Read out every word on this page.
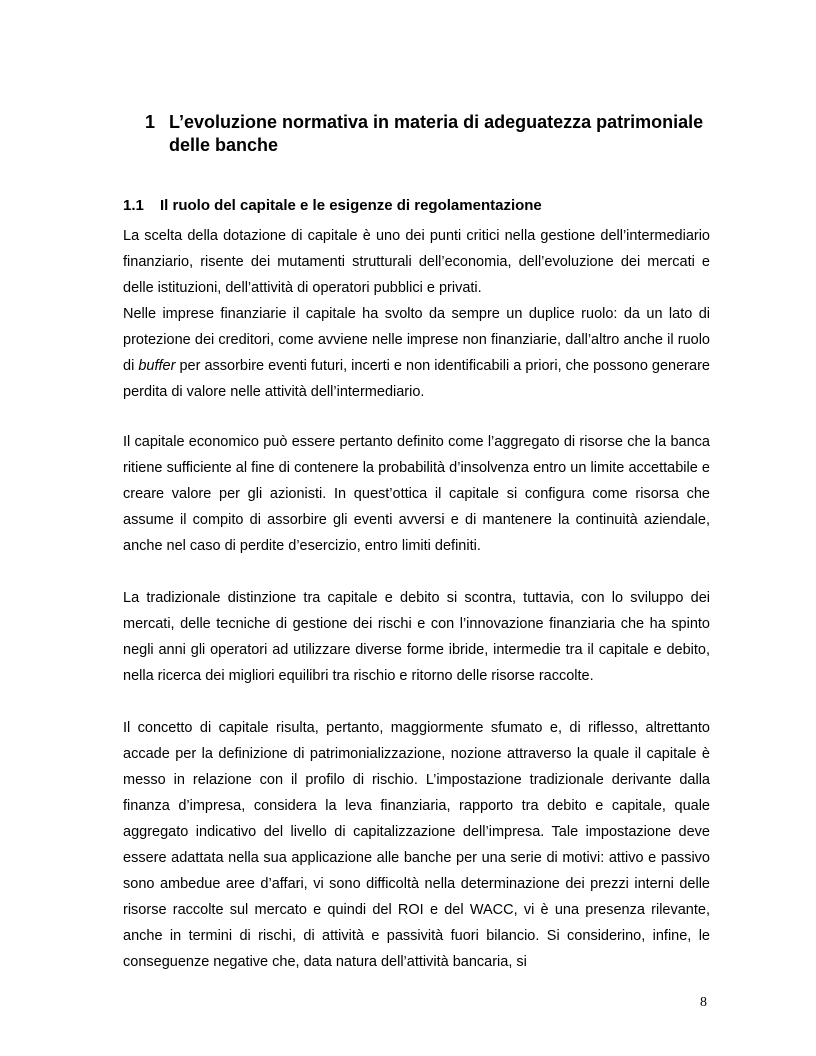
1 L’evoluzione normativa in materia di adeguatezza patrimoniale delle banche
1.1	Il ruolo del capitale e le esigenze di regolamentazione

La scelta della dotazione di capitale è uno dei punti critici nella gestione dell’intermediario finanziario, risente dei mutamenti strutturali dell’economia, dell’evoluzione dei mercati e delle istituzioni, dell’attività di operatori pubblici e privati.

Nelle imprese finanziarie il capitale ha svolto da sempre un duplice ruolo: da un lato di protezione dei creditori, come avviene nelle imprese non finanziarie, dall’altro anche il ruolo di buffer per assorbire eventi futuri, incerti e non identificabili a priori, che possono generare perdita di valore nelle attività dell’intermediario.

Il capitale economico può essere pertanto definito come l’aggregato di risorse che la banca ritiene sufficiente al fine di contenere la probabilità d’insolvenza entro un limite accettabile e creare valore per gli azionisti. In quest’ottica il capitale si configura come risorsa che assume il compito di assorbire gli eventi avversi e di mantenere la continuità aziendale, anche nel caso di perdite d’esercizio, entro limiti definiti.

La tradizionale distinzione tra capitale e debito si scontra, tuttavia, con lo sviluppo dei mercati, delle tecniche di gestione dei rischi e con l’innovazione finanziaria che ha spinto negli anni gli operatori ad utilizzare diverse forme ibride, intermedie tra il capitale e debito, nella ricerca dei migliori equilibri tra rischio e ritorno delle risorse raccolte.

Il concetto di capitale risulta, pertanto, maggiormente sfumato e, di riflesso, altrettanto accade per la definizione di patrimonializzazione, nozione attraverso la quale il capitale è messo in relazione con il profilo di rischio. L’impostazione tradizionale derivante dalla finanza d’impresa, considera la leva finanziaria, rapporto tra debito e capitale, quale aggregato indicativo del livello di capitalizzazione dell’impresa. Tale impostazione deve essere adattata nella sua applicazione alle banche per una serie di motivi: attivo e passivo sono ambedue aree d’affari, vi sono difficoltà nella determinazione dei prezzi interni delle risorse raccolte sul mercato e quindi del ROI e del WACC, vi è una presenza rilevante, anche in termini di rischi, di attività e passività fuori bilancio. Si considerino, infine, le conseguenze negative che, data natura dell’attività bancaria, si

8
